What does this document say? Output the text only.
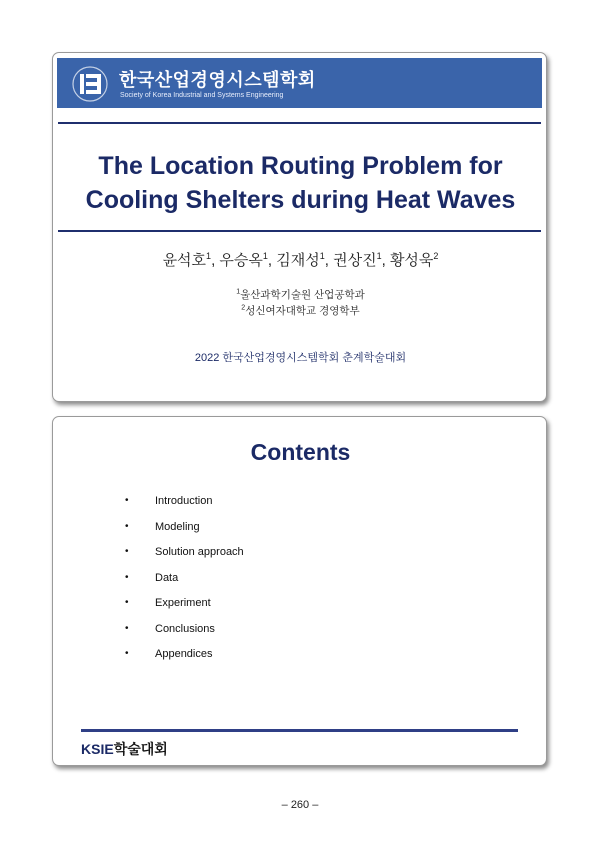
한국산업경영시스템학회
Society of Korea Industrial and Systems Engineering
The Location Routing Problem for
Cooling Shelters during Heat Waves
윤석호$^1$, 우승옥$^1$, 김재성$^1$, 권상진$^1$, 황성욱$^2$
$^1$울산과학기술원 산업공학과
$^2$성신여자대학교 경영학부
2022 한국산업경영시스템학회 춘계학술대회
Contents
• Introduction
• Modeling
• Solution approach
• Data
• Experiment
• Conclusions
• Appendices
KSIE학술대회
– 260 –
